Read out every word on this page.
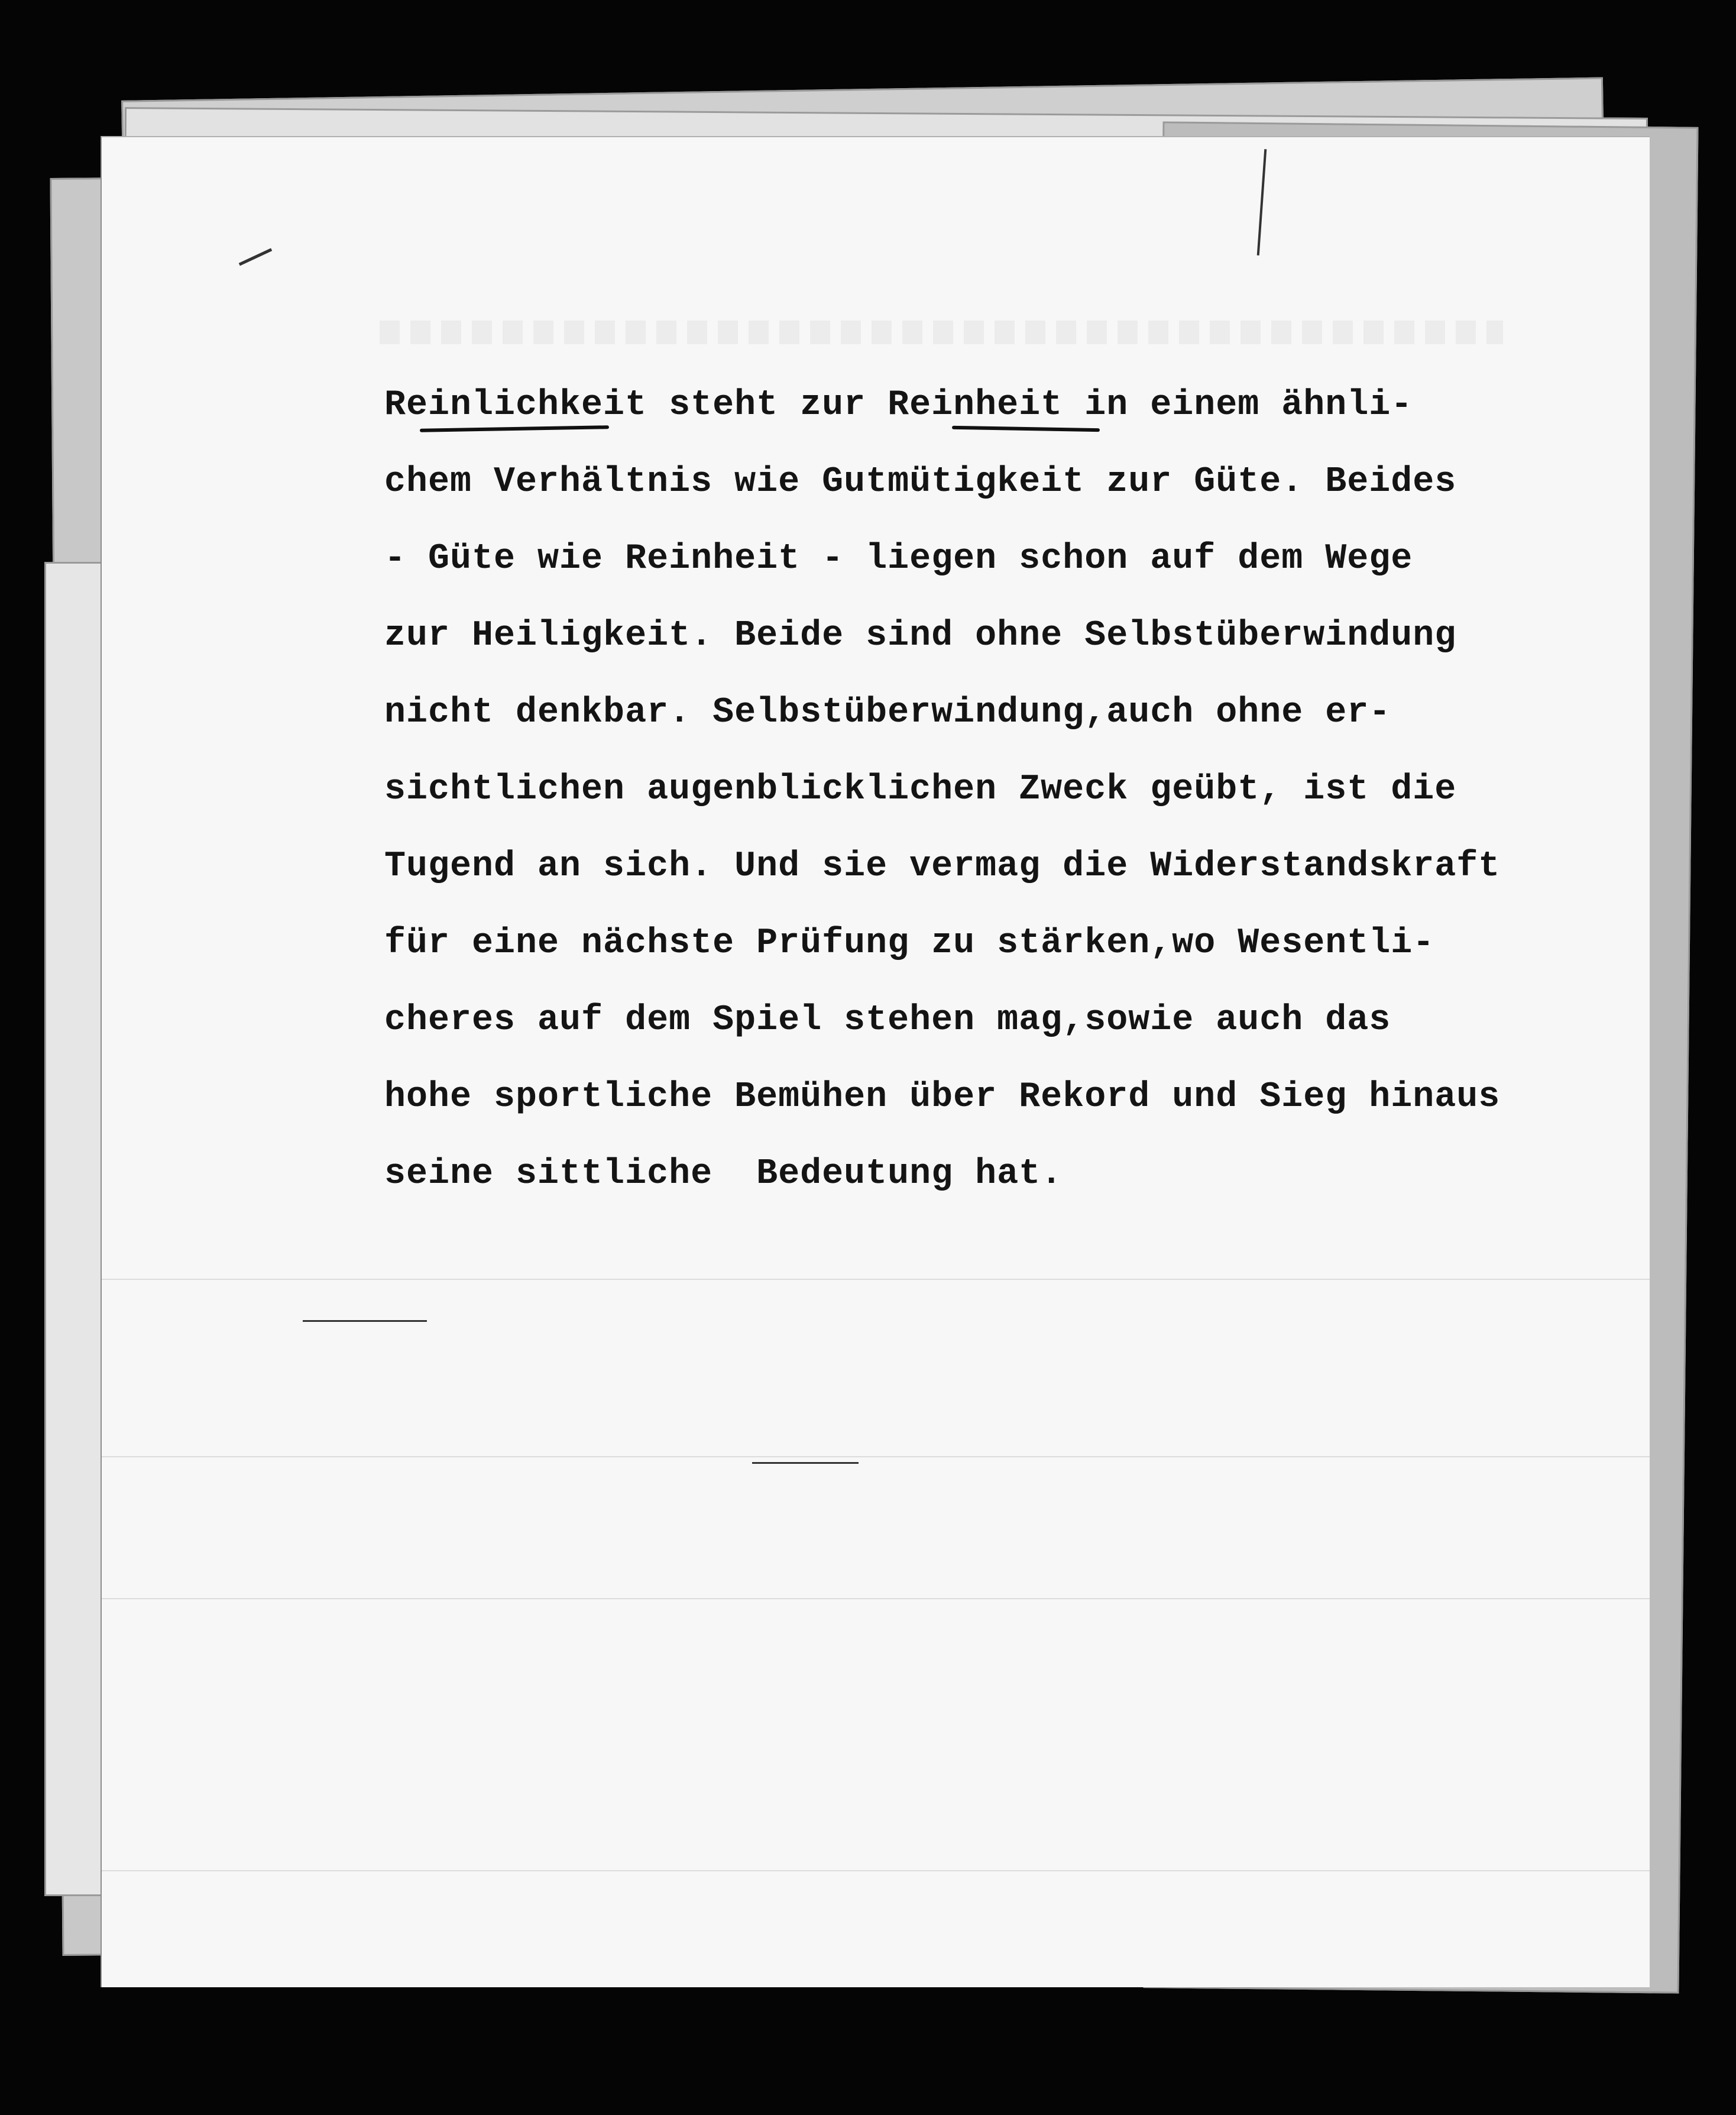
Reinlichkeit steht zur Reinheit in einem ähnli-
chem Verhältnis wie Gutmütigkeit zur Güte. Beides
- Güte wie Reinheit - liegen schon auf dem Wege
zur Heiligkeit. Beide sind ohne Selbstüberwindung
nicht denkbar. Selbstüberwindung,auch ohne er-
sichtlichen augenblicklichen Zweck geübt, ist die
Tugend an sich. Und sie vermag die Widerstandskraft
für eine nächste Prüfung zu stärken,wo Wesentli-
cheres auf dem Spiel stehen mag,sowie auch das
hohe sportliche Bemühen über Rekord und Sieg hinaus
seine sittliche  Bedeutung hat.
